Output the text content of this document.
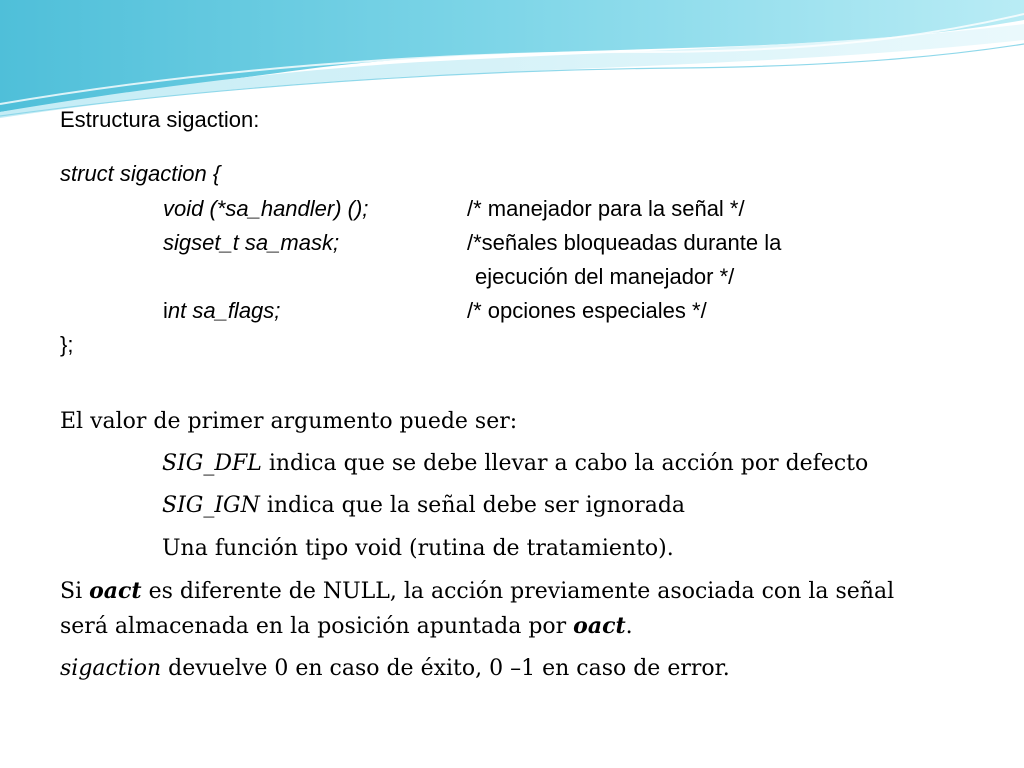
Estructura sigaction:
struct sigaction {
void (*sa_handler) ();	/* manejador para la señal */
sigset_t sa_mask;	/*señales bloqueadas durante la
ejecución del manejador */
int sa_flags;	/* opciones especiales */
};
El valor de primer argumento puede ser:
SIG_DFL indica que se debe llevar a cabo la acción por defecto
SIG_IGN indica que la señal debe ser ignorada
Una función tipo void (rutina de tratamiento).
Si oact es diferente de NULL, la acción previamente asociada con la señal
será almacenada en la posición apuntada por oact.
sigaction devuelve 0 en caso de éxito, 0 –1 en caso de error.
